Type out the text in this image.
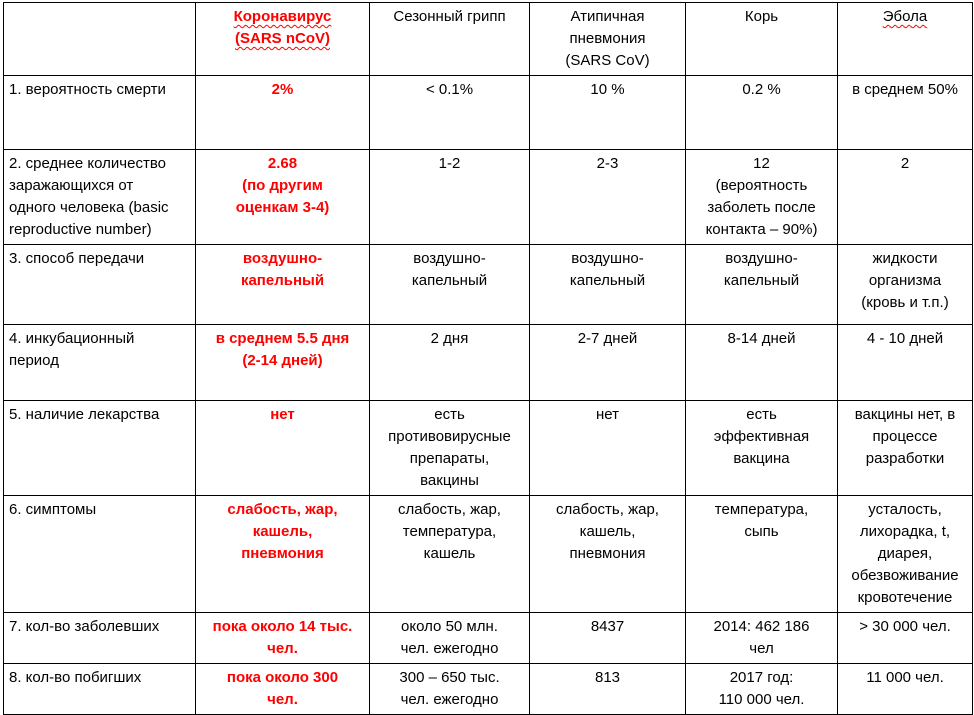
	Коронавирус
(SARS nCoV)	Сезонный грипп	Атипичная
пневмония
(SARS CoV)	Корь	Эбола

1. вероятность смерти	2%	< 0.1%	10 %	0.2 %	в среднем 50%

2. среднее количество
заражающихся от
одного человека (basic
reproductive number)	2.68
(по другим
оценкам 3-4)	1-2	2-3	12
(вероятность
заболеть после
контакта – 90%)	2

3. способ передачи	воздушно-
капельный	воздушно-
капельный	воздушно-
капельный	воздушно-
капельный	жидкости
организма
(кровь и т.п.)

4. инкубационный
период	в среднем 5.5 дня
(2-14 дней)	2 дня	2-7 дней	8-14 дней	4 - 10 дней

5. наличие лекарства	нет	есть
противовирусные
препараты,
вакцины	нет	есть
эффективная
вакцина	вакцины нет, в
процессе
разработки

6. симптомы	слабость, жар,
кашель,
пневмония	слабость, жар,
температура,
кашель	слабость, жар,
кашель,
пневмония	температура,
сыпь	усталость,
лихорадка, t,
диарея,
обезвоживание
кровотечение

7. кол-во заболевших	пока около 14 тыс.
чел.	около 50 млн.
чел. ежегодно	8437	2014: 462 186
чел	> 30 000 чел.

8. кол-во побигших	пока около 300
чел.	300 – 650 тыс.
чел. ежегодно	813	2017 год:
110 000 чел.	11 000 чел.
